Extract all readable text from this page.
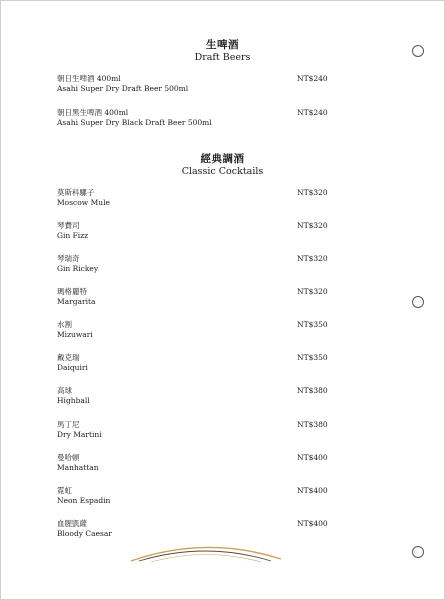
生啤酒
Draft Beers
朝日生啤酒 400ml
Asahi Super Dry Draft Beer 500ml
NT$240
朝日黑生啤酒 400ml
Asahi Super Dry Black Draft Beer 500ml
NT$240
經典調酒
Classic Cocktails
莫斯科騾子
Moscow Mule
NT$320
琴費司
Gin Fizz
NT$320
琴瑞奇
Gin Rickey
NT$320
瑪格麗特
Margarita
NT$320
水割
Mizuwari
NT$350
戴克瑞
Daiquiri
NT$350
高球
Highball
NT$380
馬丁尼
Dry Martini
NT$380
曼哈頓
Manhattan
NT$400
霓虹
Neon Espadin
NT$400
血腥凱薩
Bloody Caesar
NT$400
